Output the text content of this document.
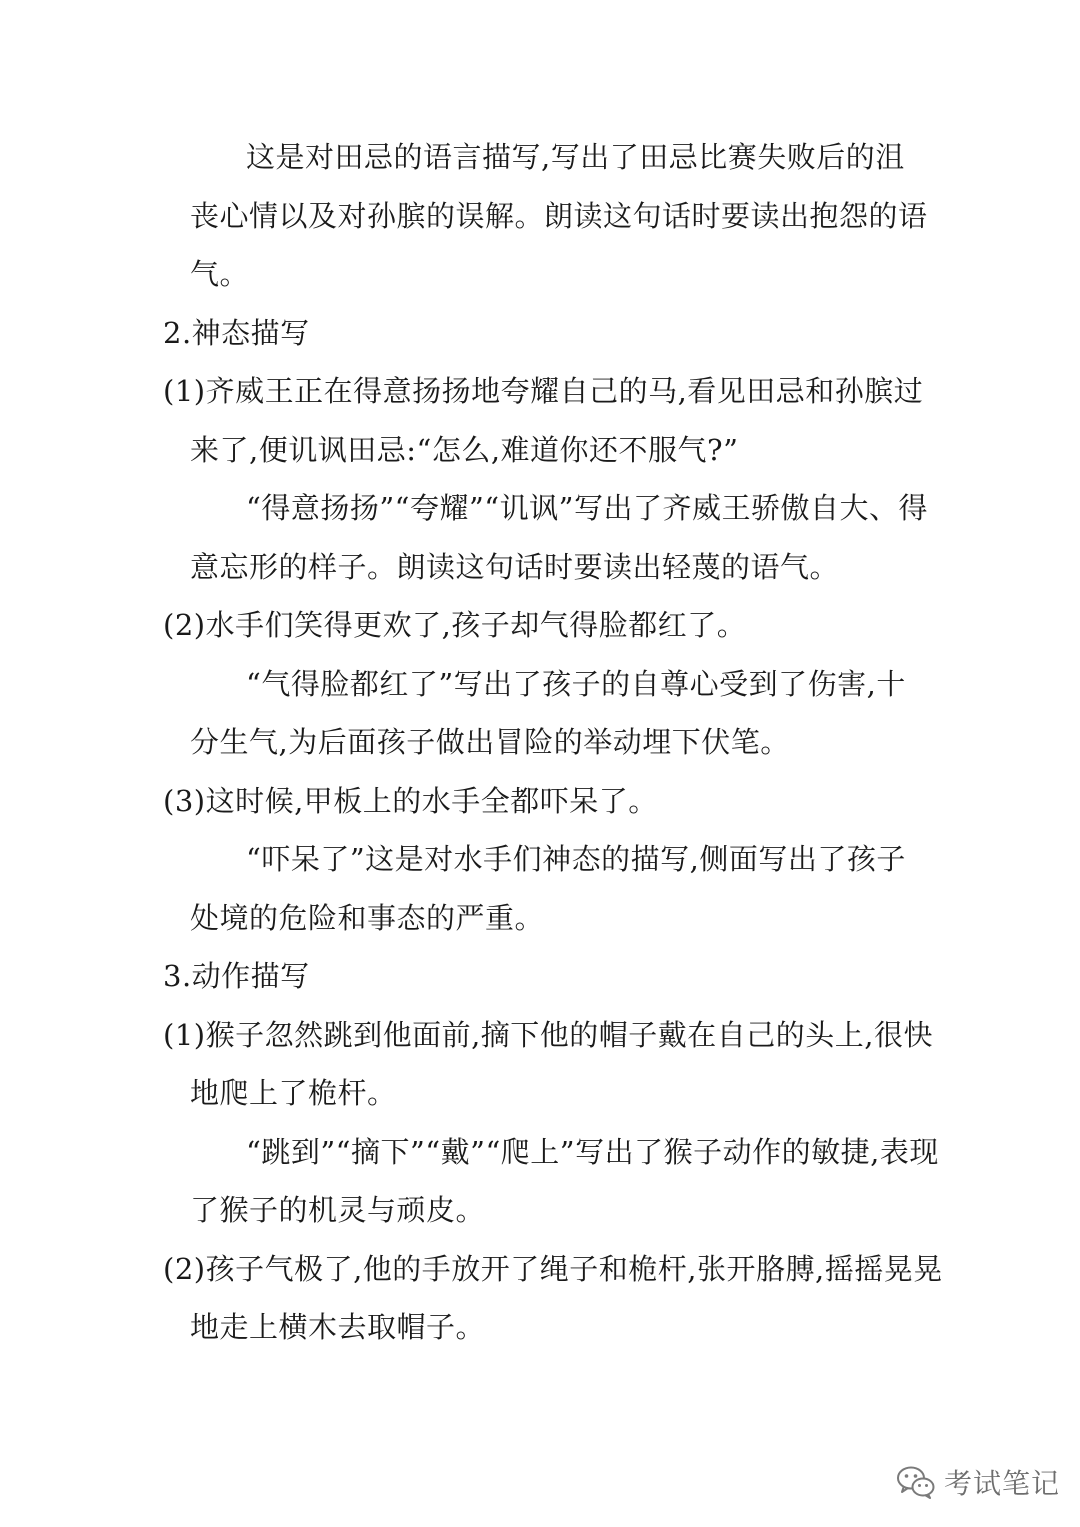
这是对田忌的语言描写,写出了田忌比赛失败后的沮
丧心情以及对孙膑的误解。朗读这句话时要读出抱怨的语
气。
2.神态描写
(1)齐威王正在得意扬扬地夸耀自己的马,看见田忌和孙膑过
来了,便讥讽田忌:“怎么,难道你还不服气?”
“得意扬扬”“夸耀”“讥讽”写出了齐威王骄傲自大、得
意忘形的样子。朗读这句话时要读出轻蔑的语气。
(2)水手们笑得更欢了,孩子却气得脸都红了。
“气得脸都红了”写出了孩子的自尊心受到了伤害,十
分生气,为后面孩子做出冒险的举动埋下伏笔。
(3)这时候,甲板上的水手全都吓呆了。
“吓呆了”这是对水手们神态的描写,侧面写出了孩子
处境的危险和事态的严重。
3.动作描写
(1)猴子忽然跳到他面前,摘下他的帽子戴在自己的头上,很快
地爬上了桅杆。
“跳到”“摘下”“戴”“爬上”写出了猴子动作的敏捷,表现
了猴子的机灵与顽皮。
(2)孩子气极了,他的手放开了绳子和桅杆,张开胳膊,摇摇晃晃
地走上横木去取帽子。
考试笔记
